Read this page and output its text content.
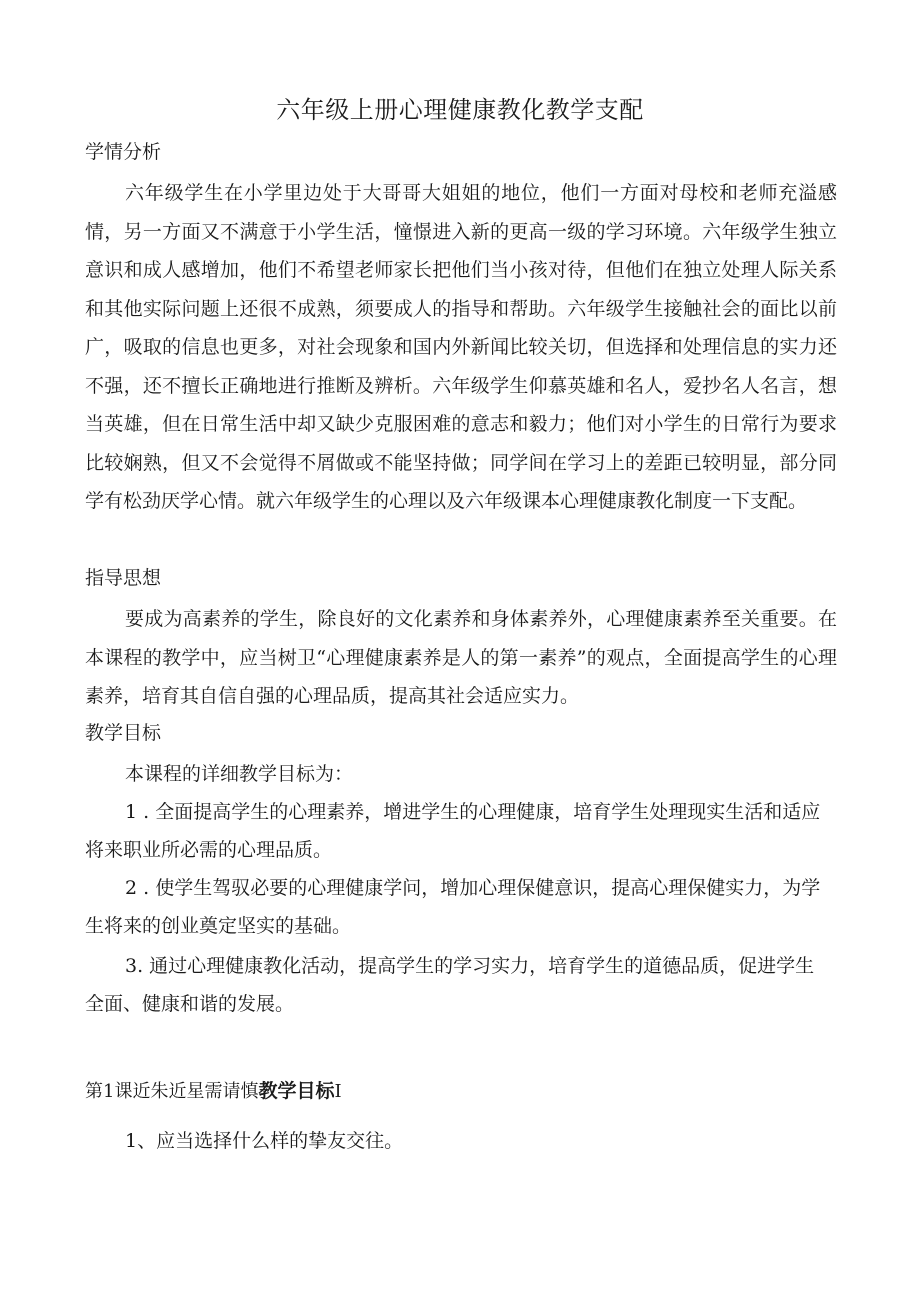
六年级上册心理健康教化教学支配
学情分析

六年级学生在小学里边处于大哥哥大姐姐的地位，他们一方面对母校和老师充溢感情，另一方面又不满意于小学生活，憧憬进入新的更高一级的学习环境。六年级学生独立意识和成人感增加，他们不希望老师家长把他们当小孩对待，但他们在独立处理人际关系和其他实际问题上还很不成熟，须要成人的指导和帮助。六年级学生接触社会的面比以前广，吸取的信息也更多，对社会现象和国内外新闻比较关切，但选择和处理信息的实力还不强，还不擅长正确地进行推断及辨析。六年级学生仰慕英雄和名人，爱抄名人名言，想当英雄，但在日常生活中却又缺少克服困难的意志和毅力；他们对小学生的日常行为要求比较娴熟，但又不会觉得不屑做或不能坚持做；同学间在学习上的差距已较明显，部分同学有松劲厌学心情。就六年级学生的心理以及六年级课本心理健康教化制度一下支配。

指导思想

要成为高素养的学生，除良好的文化素养和身体素养外，心理健康素养至关重要。在本课程的教学中，应当树卫“心理健康素养是人的第一素养”的观点，全面提高学生的心理素养，培育其自信自强的心理品质，提高其社会适应实力。

教学目标

本课程的详细教学目标为：

1 . 全面提高学生的心理素养，增进学生的心理健康，培育学生处理现实生活和适应将来职业所必需的心理品质。

2 . 使学生驾驭必要的心理健康学问，增加心理保健意识，提高心理保健实力，为学生将来的创业奠定坚实的基础。

3. 通过心理健康教化活动，提高学生的学习实力，培育学生的道德品质，促进学生全面、健康和谐的发展。

第1课近朱近星需请慎教学目标I
1、应当选择什么样的挚友交往。
